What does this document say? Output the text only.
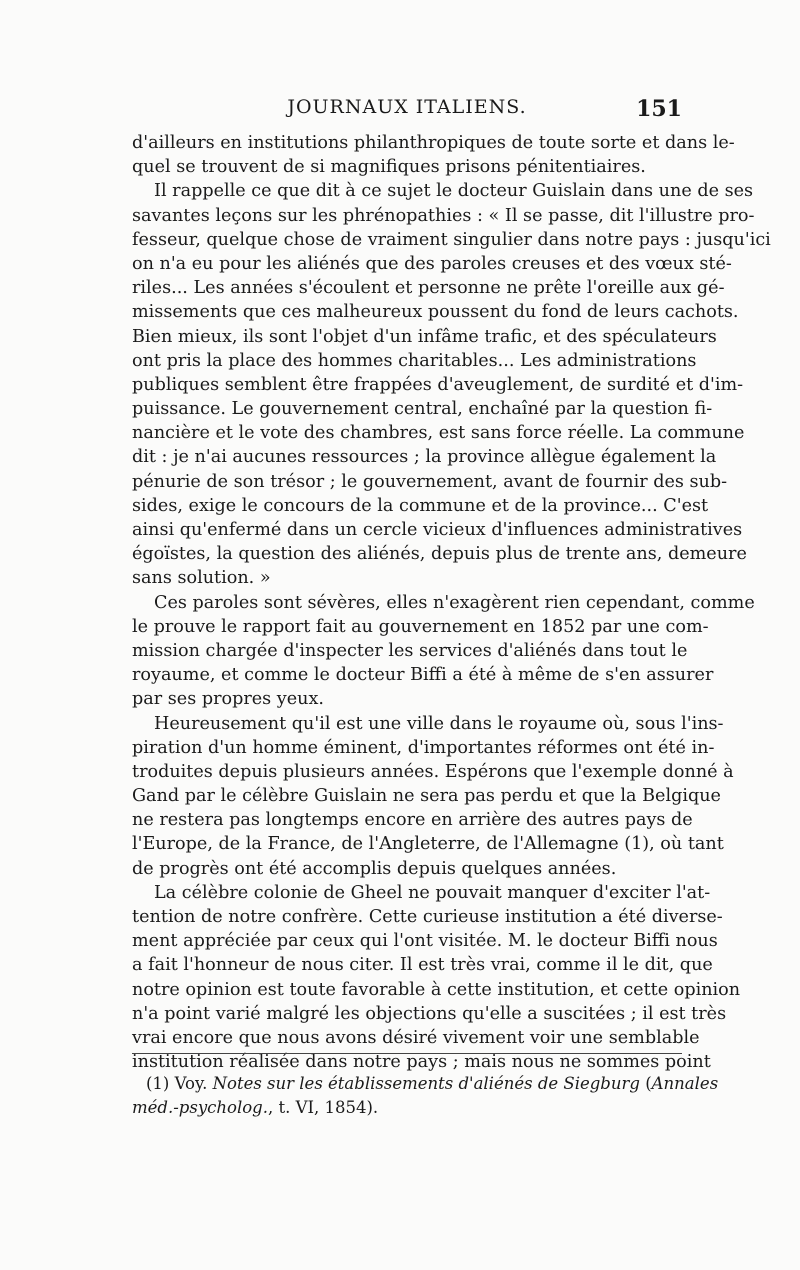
JOURNAUX ITALIENS.	151
d'ailleurs en institutions philanthropiques de toute sorte et dans le-
quel se trouvent de si magnifiques prisons pénitentiaires.
Il rappelle ce que dit à ce sujet le docteur Guislain dans une de ses
savantes leçons sur les phrénopathies : « Il se passe, dit l'illustre pro-
fesseur, quelque chose de vraiment singulier dans notre pays : jusqu'ici
on n'a eu pour les aliénés que des paroles creuses et des vœux sté-
riles... Les années s'écoulent et personne ne prête l'oreille aux gé-
missements que ces malheureux poussent du fond de leurs cachots.
Bien mieux, ils sont l'objet d'un infâme trafic, et des spéculateurs
ont pris la place des hommes charitables... Les administrations
publiques semblent être frappées d'aveuglement, de surdité et d'im-
puissance. Le gouvernement central, enchaîné par la question fi-
nancière et le vote des chambres, est sans force réelle. La commune
dit : je n'ai aucunes ressources ; la province allègue également la
pénurie de son trésor ; le gouvernement, avant de fournir des sub-
sides, exige le concours de la commune et de la province... C'est
ainsi qu'enfermé dans un cercle vicieux d'influences administratives
égoïstes, la question des aliénés, depuis plus de trente ans, demeure
sans solution. »
Ces paroles sont sévères, elles n'exagèrent rien cependant, comme
le prouve le rapport fait au gouvernement en 1852 par une com-
mission chargée d'inspecter les services d'aliénés dans tout le
royaume, et comme le docteur Biffi a été à même de s'en assurer
par ses propres yeux.
Heureusement qu'il est une ville dans le royaume où, sous l'ins-
piration d'un homme éminent, d'importantes réformes ont été in-
troduites depuis plusieurs années. Espérons que l'exemple donné à
Gand par le célèbre Guislain ne sera pas perdu et que la Belgique
ne restera pas longtemps encore en arrière des autres pays de
l'Europe, de la France, de l'Angleterre, de l'Allemagne (1), où tant
de progrès ont été accomplis depuis quelques années.
La célèbre colonie de Gheel ne pouvait manquer d'exciter l'at-
tention de notre confrère. Cette curieuse institution a été diverse-
ment appréciée par ceux qui l'ont visitée. M. le docteur Biffi nous
a fait l'honneur de nous citer. Il est très vrai, comme il le dit, que
notre opinion est toute favorable à cette institution, et cette opinion
n'a point varié malgré les objections qu'elle a suscitées ; il est très
vrai encore que nous avons désiré vivement voir une semblable
institution réalisée dans notre pays ; mais nous ne sommes point
(1) Voy. Notes sur les établissements d'aliénés de Siegburg (Annales
méd.-psycholog., t. VI, 1854).
